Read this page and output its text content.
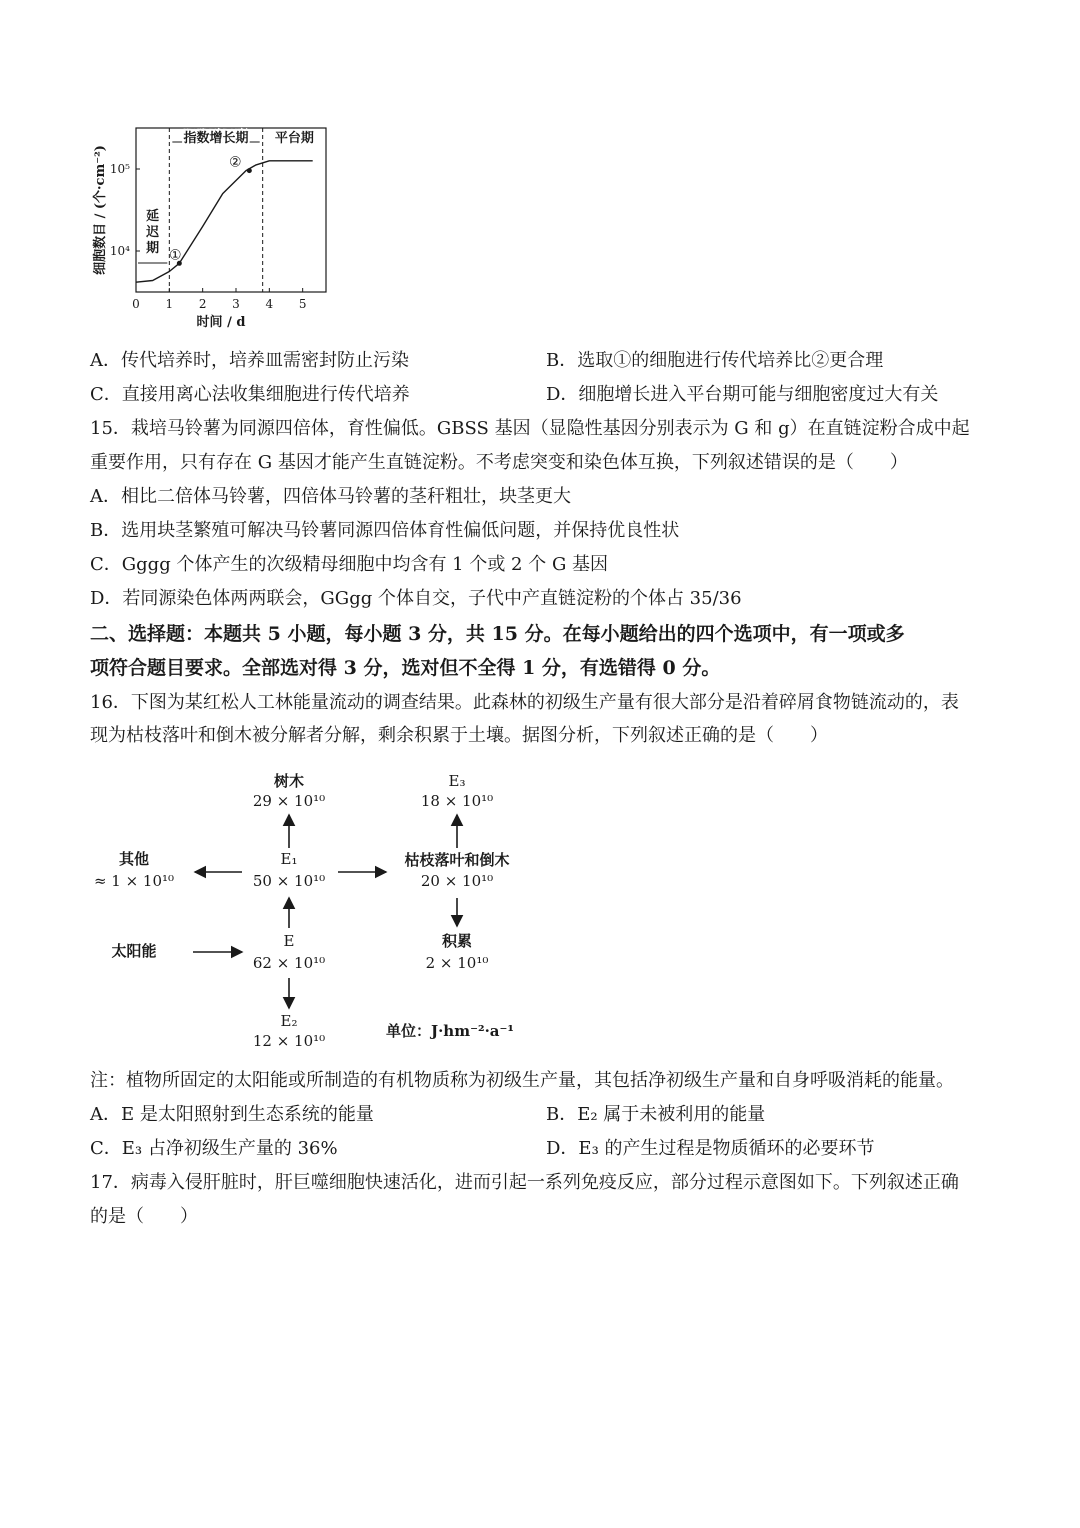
0 1 2 3 4 5
10⁴
10⁵
时间 / d
细胞数目 / (个·cm⁻²)
指数增长期 平台期
延
迟
期 ①
②
A．传代培养时，培养皿需密封防止污染	B．选取①的细胞进行传代培养比②更合理
C．直接用离心法收集细胞进行传代培养	D．细胞增长进入平台期可能与细胞密度过大有关
15．栽培马铃薯为同源四倍体，育性偏低。GBSS 基因（显隐性基因分别表示为 G 和 g）在直链淀粉合成中起
重要作用，只有存在 G 基因才能产生直链淀粉。不考虑突变和染色体互换，下列叙述错误的是（　　）
A．相比二倍体马铃薯，四倍体马铃薯的茎秆粗壮，块茎更大
B．选用块茎繁殖可解决马铃薯同源四倍体育性偏低问题，并保持优良性状
C．Gggg 个体产生的次级精母细胞中均含有 1 个或 2 个 G 基因
D．若同源染色体两两联会，GGgg 个体自交，子代中产直链淀粉的个体占 35/36
二、选择题：本题共 5 小题，每小题 3 分，共 15 分。在每小题给出的四个选项中，有一项或多
项符合题目要求。全部选对得 3 分，选对但不全得 1 分，有选错得 0 分。
16．下图为某红松人工林能量流动的调查结果。此森林的初级生产量有很大部分是沿着碎屑食物链流动的，表
现为枯枝落叶和倒木被分解者分解，剩余积累于土壤。据图分析，下列叙述正确的是（　　）
树木
29 × 10¹⁰
E₃
18 × 10¹⁰
其他
≈ 1 × 10¹⁰
E₁
50 × 10¹⁰
枯枝落叶和倒木
20 × 10¹⁰
太阳能
E
62 × 10¹⁰
积累
2 × 10¹⁰
E₂
12 × 10¹⁰
单位：J·hm⁻²·a⁻¹
注：植物所固定的太阳能或所制造的有机物质称为初级生产量，其包括净初级生产量和自身呼吸消耗的能量。
A．E 是太阳照射到生态系统的能量	B．E₂ 属于未被利用的能量
C．E₃ 占净初级生产量的 36%	D．E₃ 的产生过程是物质循环的必要环节
17．病毒入侵肝脏时，肝巨噬细胞快速活化，进而引起一系列免疫反应，部分过程示意图如下。下列叙述正确
的是（　　）
